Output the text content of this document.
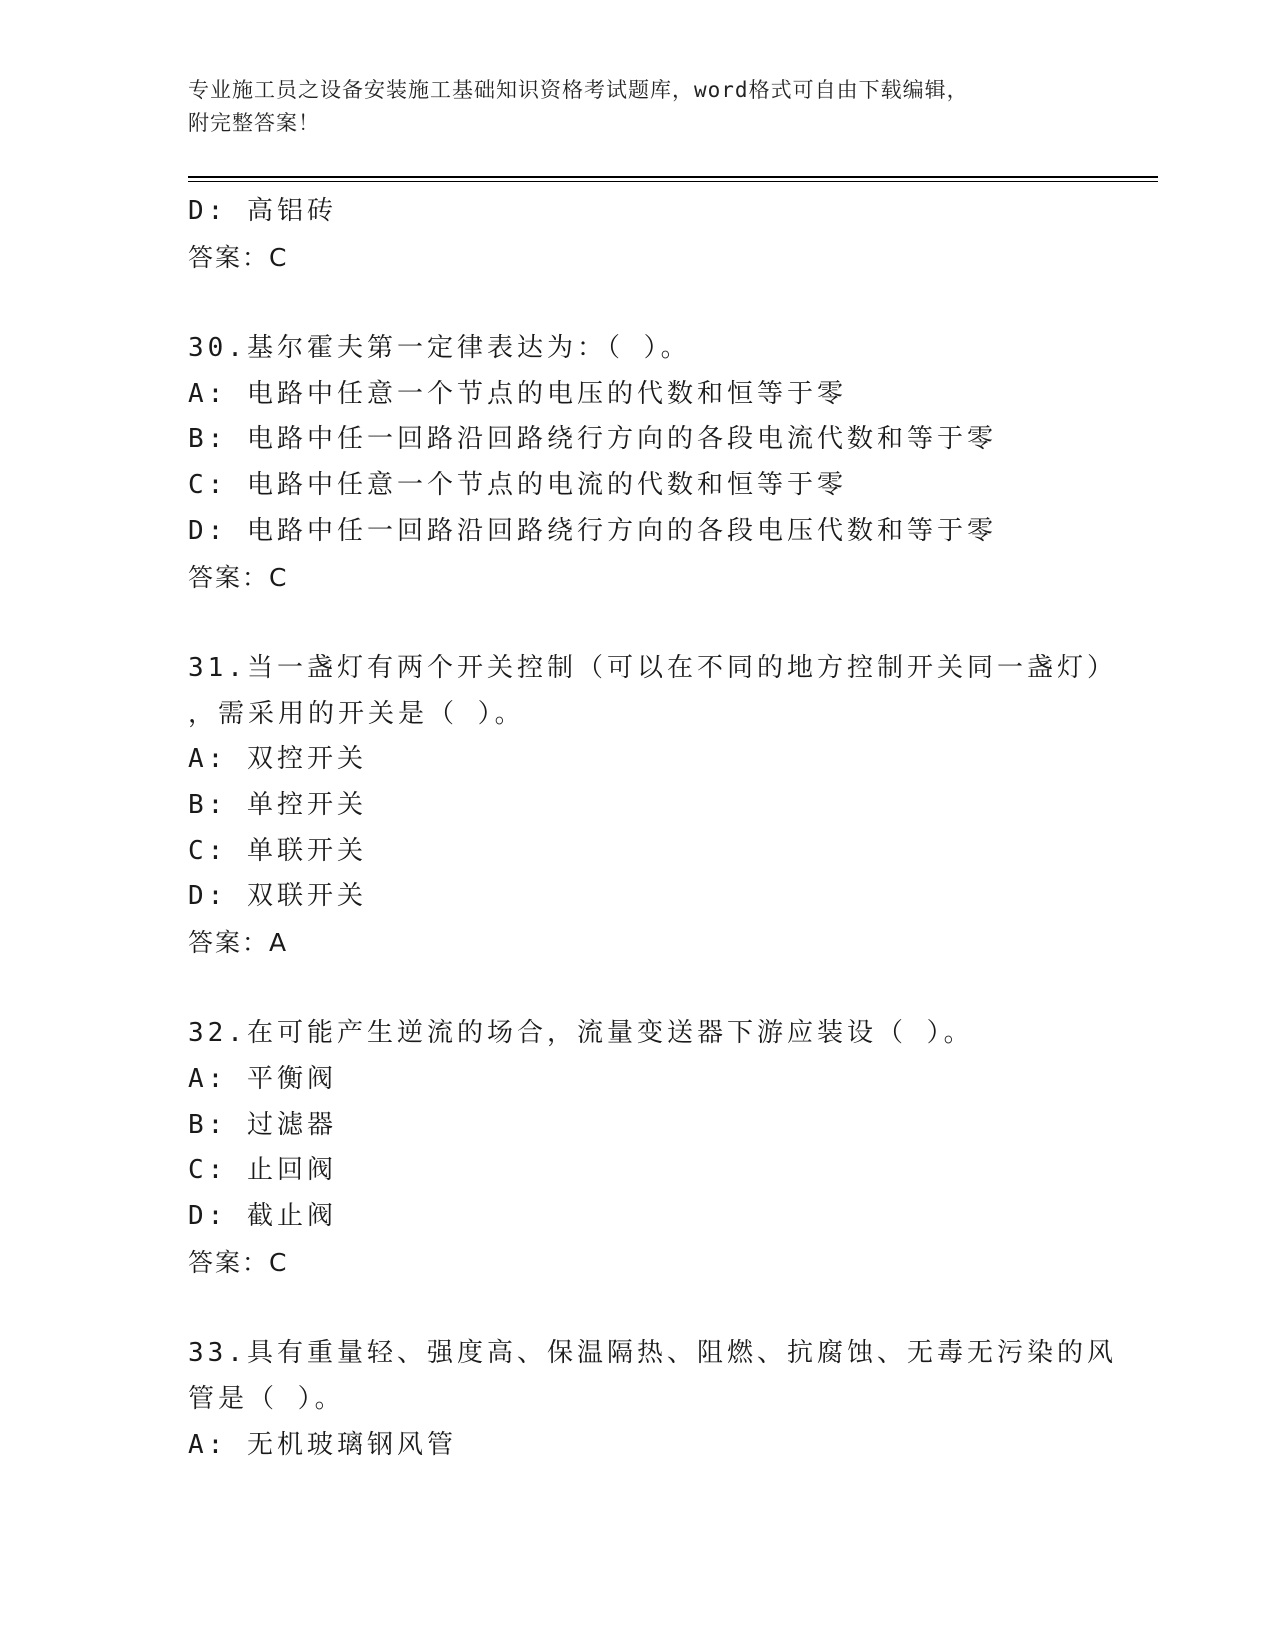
专业施工员之设备安装施工基础知识资格考试题库，word格式可自由下载编辑，
附完整答案！
D: 高铝砖
答案：C
30.基尔霍夫第一定律表达为：（ ）。
A: 电路中任意一个节点的电压的代数和恒等于零
B: 电路中任一回路沿回路绕行方向的各段电流代数和等于零
C: 电路中任意一个节点的电流的代数和恒等于零
D: 电路中任一回路沿回路绕行方向的各段电压代数和等于零
答案：C
31.当一盏灯有两个开关控制（可以在不同的地方控制开关同一盏灯）
，需采用的开关是（ ）。
A: 双控开关
B: 单控开关
C: 单联开关
D: 双联开关
答案：A
32.在可能产生逆流的场合，流量变送器下游应装设（ ）。
A: 平衡阀
B: 过滤器
C: 止回阀
D: 截止阀
答案：C
33.具有重量轻、强度高、保温隔热、阻燃、抗腐蚀、无毒无污染的风
管是（ ）。
A: 无机玻璃钢风管
